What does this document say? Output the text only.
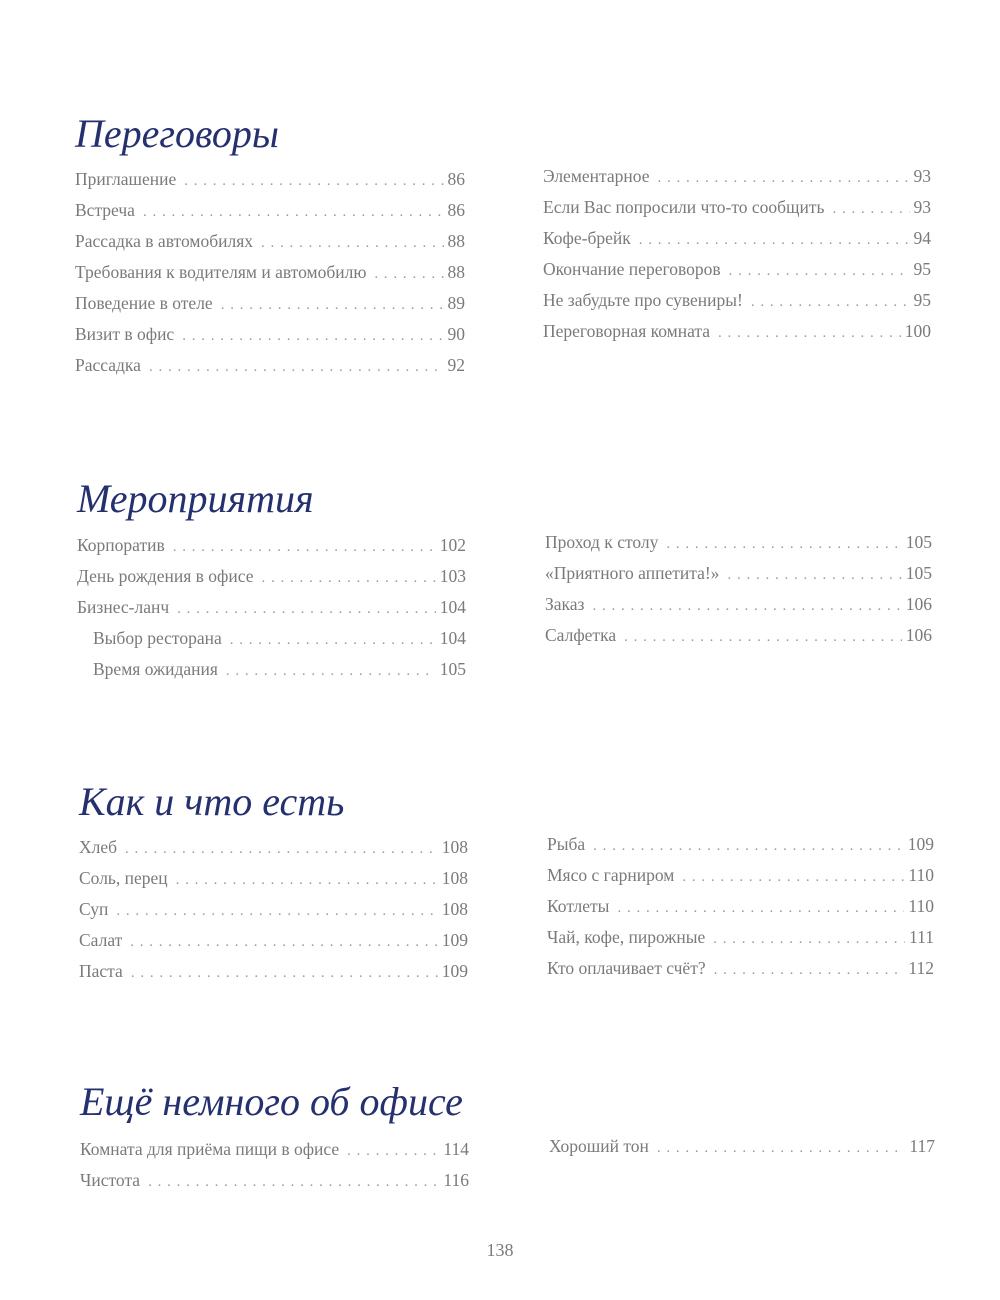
Переговоры
Приглашение . . .	86
Встреча . . .	86
Рассадка в автомобилях . . .	88
Требования к водителям и автомобилю . . .	88
Поведение в отеле . . .	89
Визит в офис . . .	90
Рассадка . . .	92
Элементарное . . .	93
Если Вас попросили что-то сообщить . . .	93
Кофе-брейк . . .	94
Окончание переговоров . . .	95
Не забудьте про сувениры! . . .	95
Переговорная комната . . .	100
Мероприятия
Корпоратив . . .	102
День рождения в офисе . . .	103
Бизнес-ланч . . .	104
Выбор ресторана . . .	104
Время ожидания . . .	105
Проход к столу . . .	105
«Приятного аппетита!» . . .	105
Заказ . . .	106
Салфетка . . .	106
Как и что есть
Хлеб . . .	108
Соль, перец . . .	108
Суп . . .	108
Салат . . .	109
Паста . . .	109
Рыба . . .	109
Мясо с гарниром . . .	110
Котлеты . . .	110
Чай, кофе, пирожные . . .	111
Кто оплачивает счёт? . . .	112
Ещё немного об офисе
Комната для приёма пищи в офисе . . .	114
Чистота . . .	116
Хороший тон . . .	117
138
